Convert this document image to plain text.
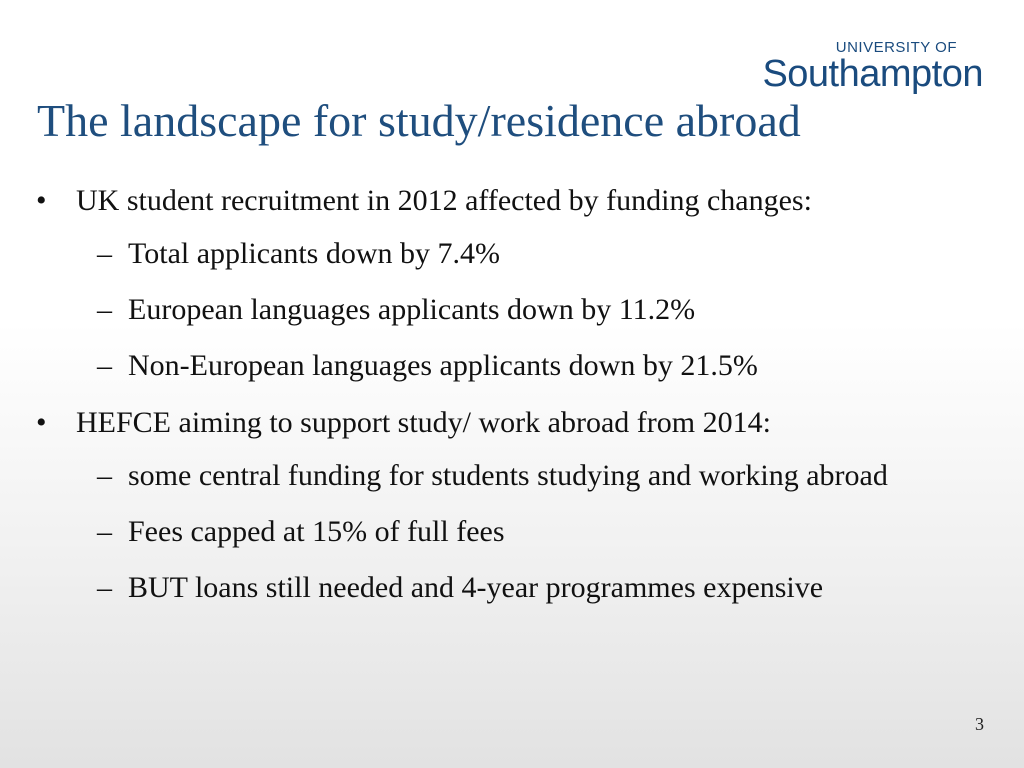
UNIVERSITY OF
Southampton
The landscape for study/residence abroad
• UK student recruitment in 2012 affected by funding changes:
– Total applicants down by 7.4%
– European languages applicants down by 11.2%
– Non-European languages applicants down by 21.5%
• HEFCE aiming to support study/ work abroad from 2014:
– some central funding for students studying and working abroad
– Fees capped at 15% of full fees
– BUT loans still needed and 4-year programmes expensive
3
